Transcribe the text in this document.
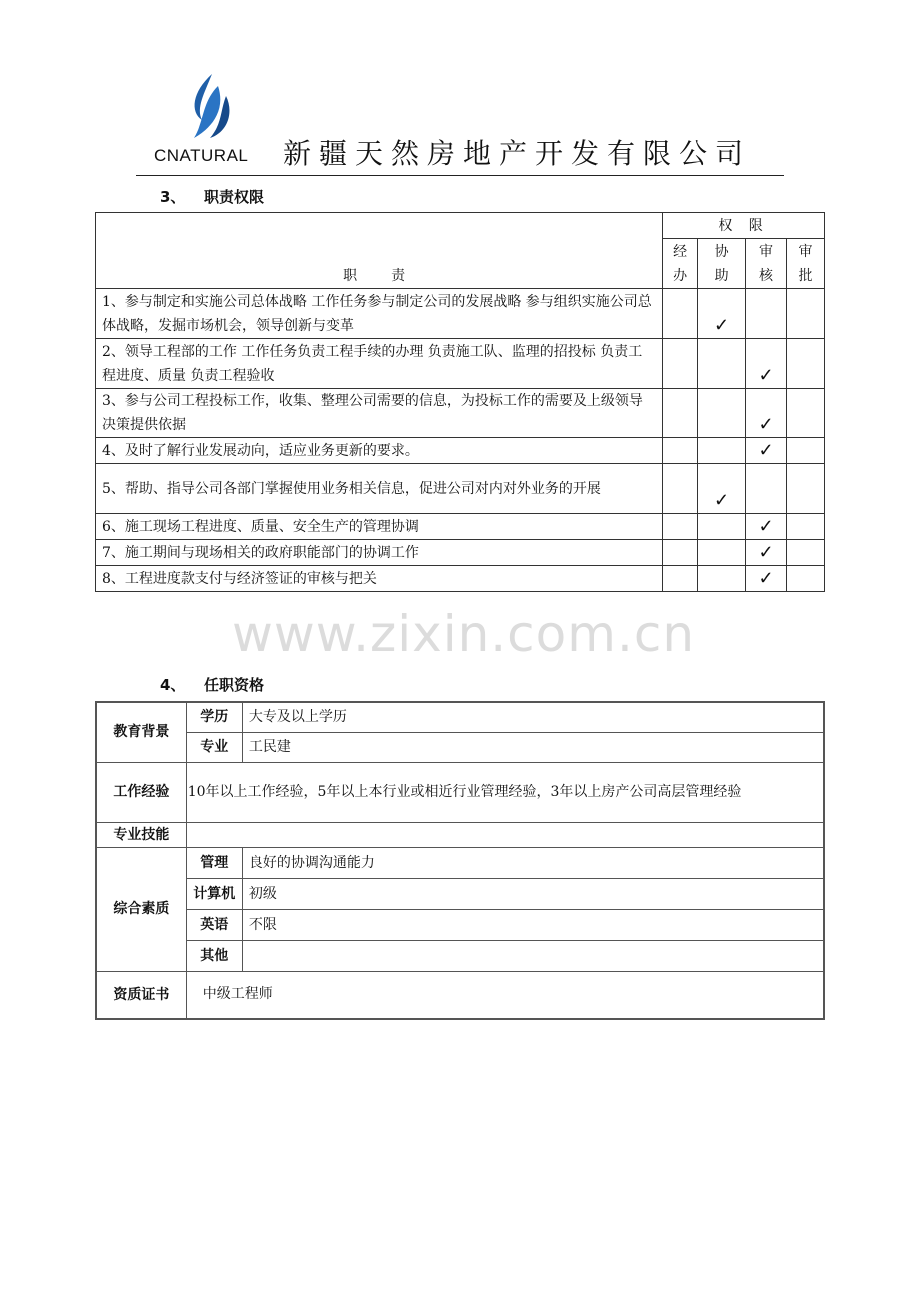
CNATURAL 新疆天然房地产开发有限公司
3、 职责权限
职　责	权 限			

	经办	协助	审核	审批

1、参与制定和实施公司总体战略 工作任务参与制定公司的发展战略 参与组织实施公司总体战略，发掘市场机会，领导创新与变革		✓		
2、领导工程部的工作 工作任务负责工程手续的办理 负责施工队、监理的招投标 负责工程进度、质量 负责工程验收			✓	
3、参与公司工程投标工作，收集、整理公司需要的信息，为投标工作的需要及上级领导决策提供依据			✓	
4、及时了解行业发展动向，适应业务更新的要求。			✓	
5、帮助、指导公司各部门掌握使用业务相关信息，促进公司对内对外业务的开展		✓		
6、施工现场工程进度、质量、安全生产的管理协调			✓	
7、施工期间与现场相关的政府职能部门的协调工作			✓	
8、工程进度款支付与经济签证的审核与把关			✓	
www.zixin.com.cn
4、 任职资格
教育背景	学历	大专及以上学历
	专业	工民建
工作经验	10年以上工作经验，5年以上本行业或相近行业管理经验，3年以上房产公司高层管理经验	
专业技能		
综合素质	管理	良好的协调沟通能力
	计算机	初级
	英语	不限
	其他	
资质证书	中级工程师	
